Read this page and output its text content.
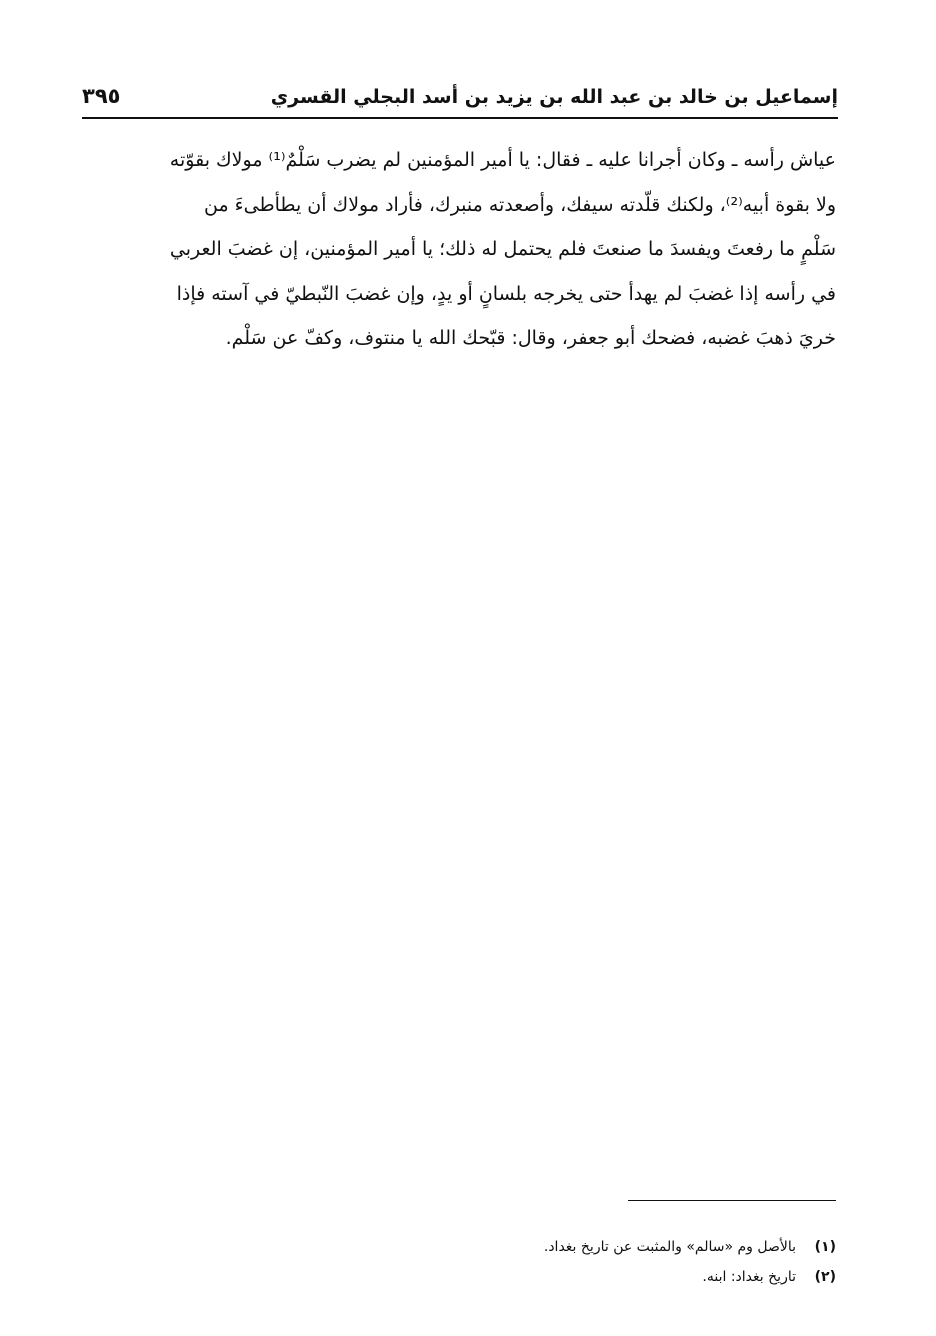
إسماعيل بن خالد بن عبد الله بن يزيد بن أسد البجلي القسري
٣٩٥
عياش رأسه ـ وكان أجرانا عليه ـ فقال: يا أمير المؤمنين لم يضرب سَلْمٌ⁽¹⁾ مولاك بقوّته
ولا بقوة أبيه⁽²⁾، ولكنك قلّدته سيفك، وأصعدته منبرك، فأراد مولاك أن يطأطىءَ من
سَلْمٍ ما رفعتَ ويفسدَ ما صنعتَ فلم يحتمل له ذلك؛ يا أمير المؤمنين، إن غضبَ العربي
في رأسه إذا غضبَ لم يهدأ حتى يخرجه بلسانٍ أو يدٍ، وإن غضبَ النّبطيّ في آسته فإذا
خريَ ذهبَ غضبه، فضحك أبو جعفر، وقال: قبّحك الله يا منتوف، وكفّ عن سَلْم.
(١)بالأصل وم «سالم» والمثبت عن تاريخ بغداد.
(٢)تاريخ بغداد: ابنه.
